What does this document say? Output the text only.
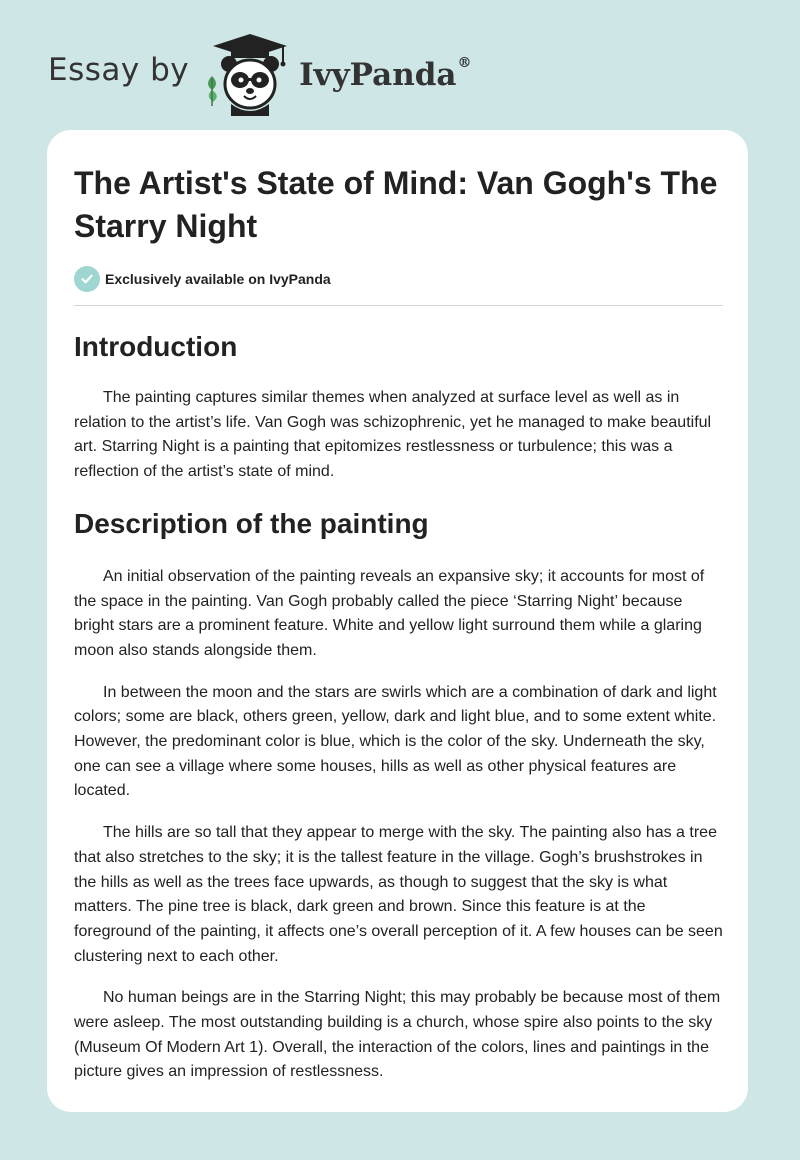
Essay by	IvyPanda®
The Artist's State of Mind: Van Gogh's The Starry Night
Exclusively available on IvyPanda
Introduction

The painting captures similar themes when analyzed at surface level as well as in relation to the artist’s life. Van Gogh was schizophrenic, yet he managed to make beautiful art. Starring Night is a painting that epitomizes restlessness or turbulence; this was a reflection of the artist’s state of mind.

Description of the painting

An initial observation of the painting reveals an expansive sky; it accounts for most of the space in the painting. Van Gogh probably called the piece ‘Starring Night’ because bright stars are a prominent feature. White and yellow light surround them while a glaring moon also stands alongside them.

In between the moon and the stars are swirls which are a combination of dark and light colors; some are black, others green, yellow, dark and light blue, and to some extent white. However, the predominant color is blue, which is the color of the sky. Underneath the sky, one can see a village where some houses, hills as well as other physical features are located.

The hills are so tall that they appear to merge with the sky. The painting also has a tree that also stretches to the sky; it is the tallest feature in the village. Gogh’s brushstrokes in the hills as well as the trees face upwards, as though to suggest that the sky is what matters. The pine tree is black, dark green and brown. Since this feature is at the foreground of the painting, it affects one’s overall perception of it. A few houses can be seen clustering next to each other.

No human beings are in the Starring Night; this may probably be because most of them were asleep. The most outstanding building is a church, whose spire also points to the sky (Museum Of Modern Art 1). Overall, the interaction of the colors, lines and paintings in the picture gives an impression of restlessness.
